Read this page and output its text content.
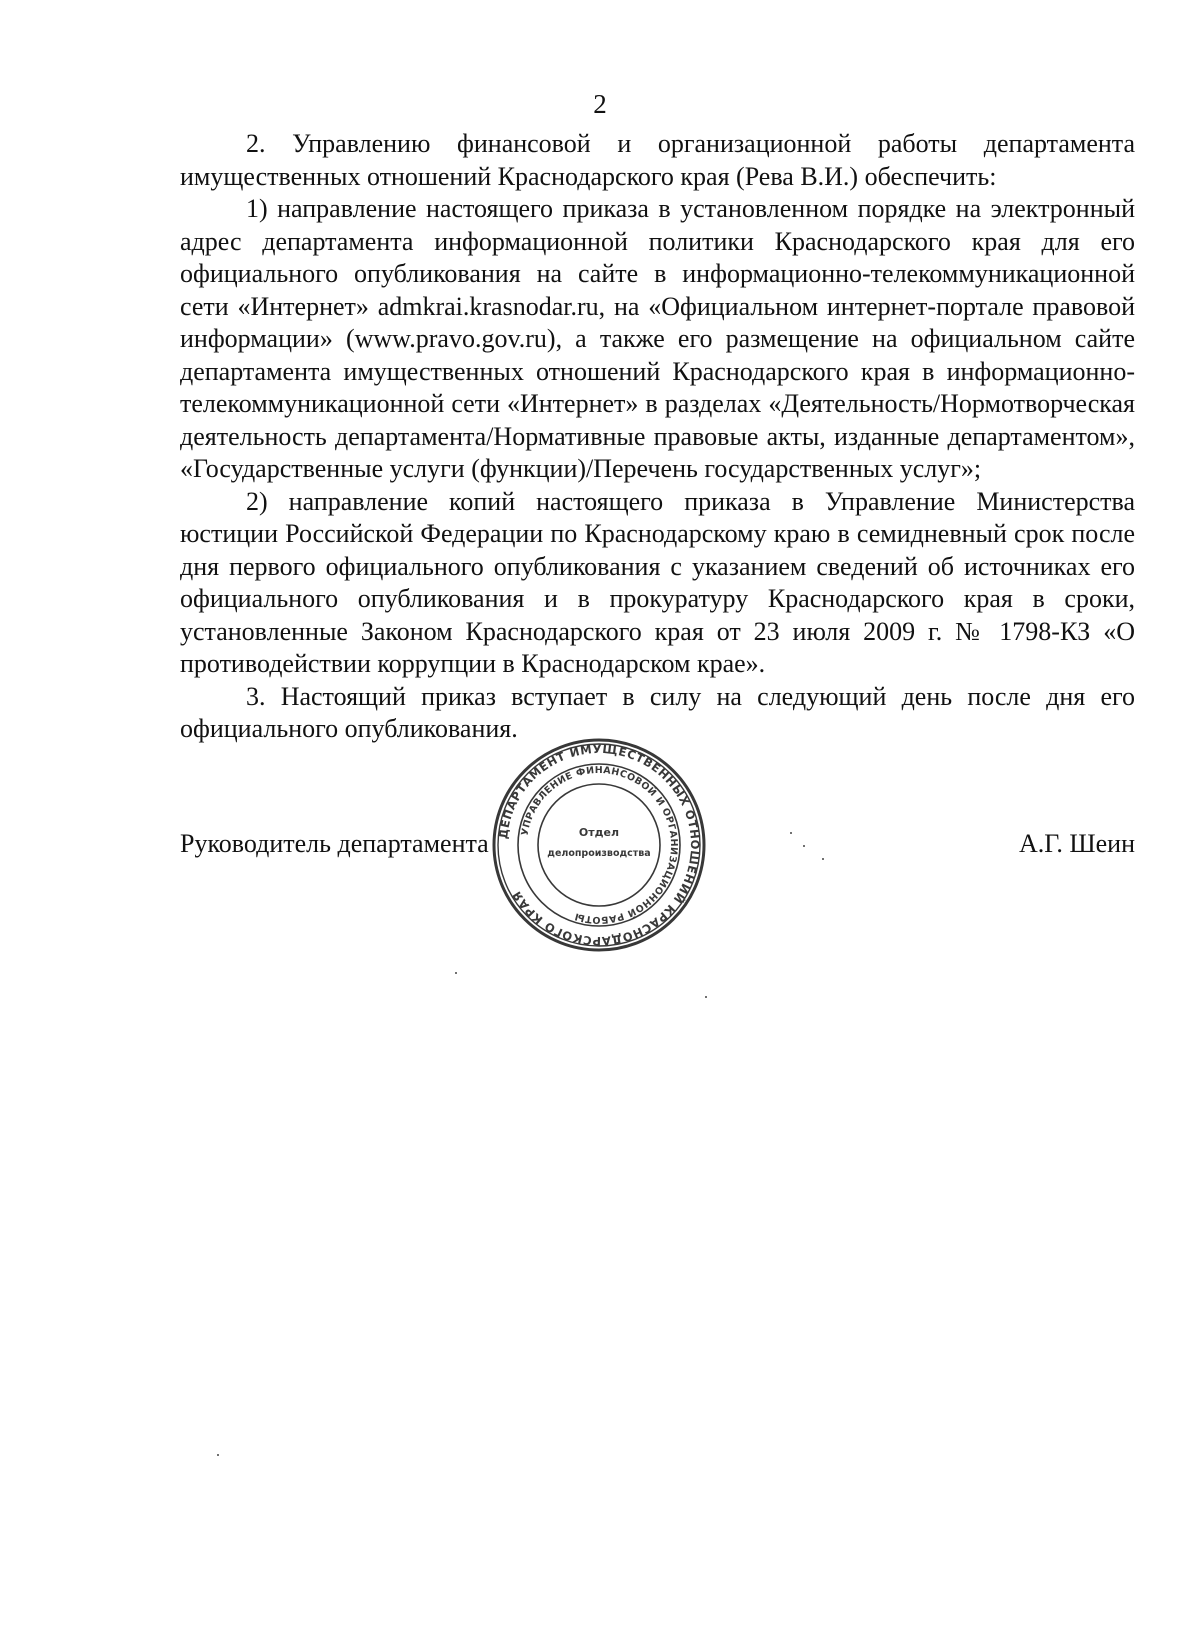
2

2. Управлению финансовой и организационной работы департамента имущественных отношений Краснодарского края (Рева В.И.) обеспечить:

1) направление настоящего приказа в установленном порядке на электронный адрес департамента информационной политики Краснодарского края для его официального опубликования на сайте в информационно-телекоммуникационной сети «Интернет» admkrai.krasnodar.ru, на «Официальном интернет-портале правовой информации» (www.pravo.gov.ru), а также его размещение на официальном сайте департамента имущественных отношений Краснодарского края в информационно-телекоммуникационной сети «Интернет» в разделах «Деятельность/Нормотворческая деятельность департамента/Нормативные правовые акты, изданные департаментом», «Государственные услуги (функции)/Перечень государственных услуг»;

2) направление копий настоящего приказа в Управление Министерства юстиции Российской Федерации по Краснодарскому краю в семидневный срок после дня первого официального опубликования с указанием сведений об источниках его официального опубликования и в прокуратуру Краснодарского края в сроки, установленные Законом Краснодарского края от 23 июля 2009 г. № 1798-КЗ «О противодействии коррупции в Краснодарском крае».

3. Настоящий приказ вступает в силу на следующий день после дня его официального опубликования.

ДЕПАРТАМЕНТ ИМУЩЕСТВЕННЫХ ОТНОШЕНИЙ КРАСНОДАРСКОГО КРАЯ
УПРАВЛЕНИЕ ФИНАНСОВОЙ И ОРГАНИЗАЦИОННОЙ РАБОТЫ
Отдел
делопроизводства
Руководитель департамента	А.Г. Шеин
